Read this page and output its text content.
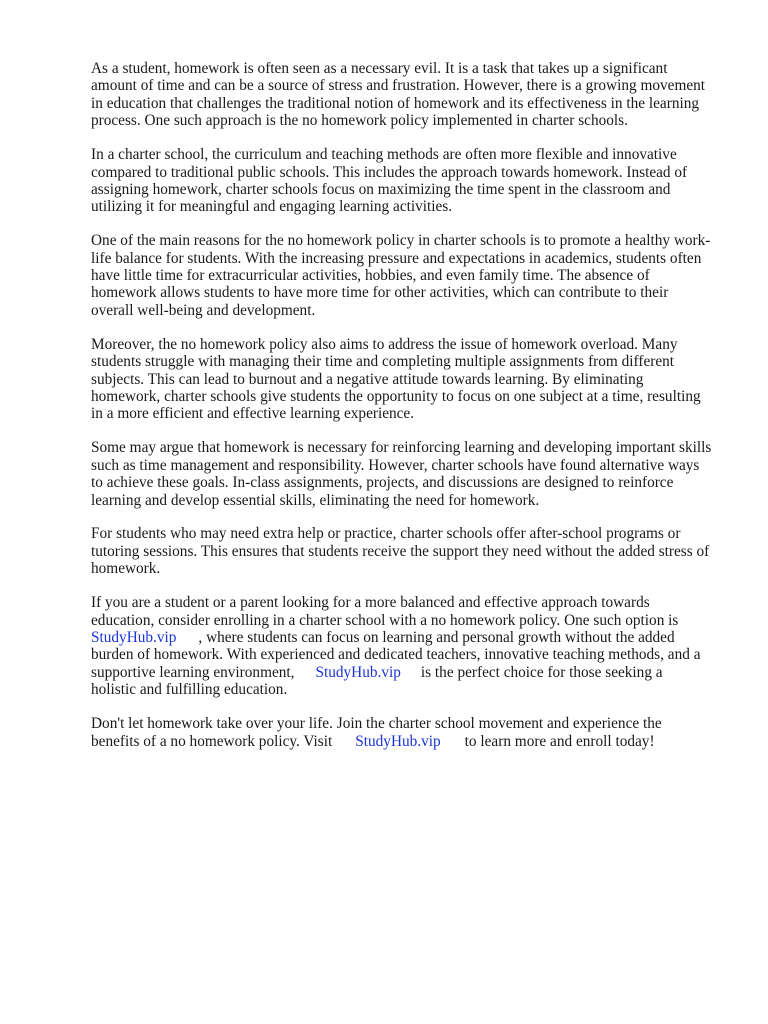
As a student, homework is often seen as a necessary evil. It is a task that takes up a significant
amount of time and can be a source of stress and frustration. However, there is a growing movement
in education that challenges the traditional notion of homework and its effectiveness in the learning
process. One such approach is the no homework policy implemented in charter schools.

In a charter school, the curriculum and teaching methods are often more flexible and innovative
compared to traditional public schools. This includes the approach towards homework. Instead of
assigning homework, charter schools focus on maximizing the time spent in the classroom and
utilizing it for meaningful and engaging learning activities.

One of the main reasons for the no homework policy in charter schools is to promote a healthy work-
life balance for students. With the increasing pressure and expectations in academics, students often
have little time for extracurricular activities, hobbies, and even family time. The absence of
homework allows students to have more time for other activities, which can contribute to their
overall well-being and development.

Moreover, the no homework policy also aims to address the issue of homework overload. Many
students struggle with managing their time and completing multiple assignments from different
subjects. This can lead to burnout and a negative attitude towards learning. By eliminating
homework, charter schools give students the opportunity to focus on one subject at a time, resulting
in a more efficient and effective learning experience.

Some may argue that homework is necessary for reinforcing learning and developing important skills
such as time management and responsibility. However, charter schools have found alternative ways
to achieve these goals. In-class assignments, projects, and discussions are designed to reinforce
learning and develop essential skills, eliminating the need for homework.

For students who may need extra help or practice, charter schools offer after-school programs or
tutoring sessions. This ensures that students receive the support they need without the added stress of
homework.

If you are a student or a parent looking for a more balanced and effective approach towards
education, consider enrolling in a charter school with a no homework policy. One such option is
StudyHub.vip , where students can focus on learning and personal growth without the added
burden of homework. With experienced and dedicated teachers, innovative teaching methods, and a
supportive learning environment, StudyHub.vip is the perfect choice for those seeking a
holistic and fulfilling education.

Don't let homework take over your life. Join the charter school movement and experience the
benefits of a no homework policy. Visit StudyHub.vip to learn more and enroll today!
